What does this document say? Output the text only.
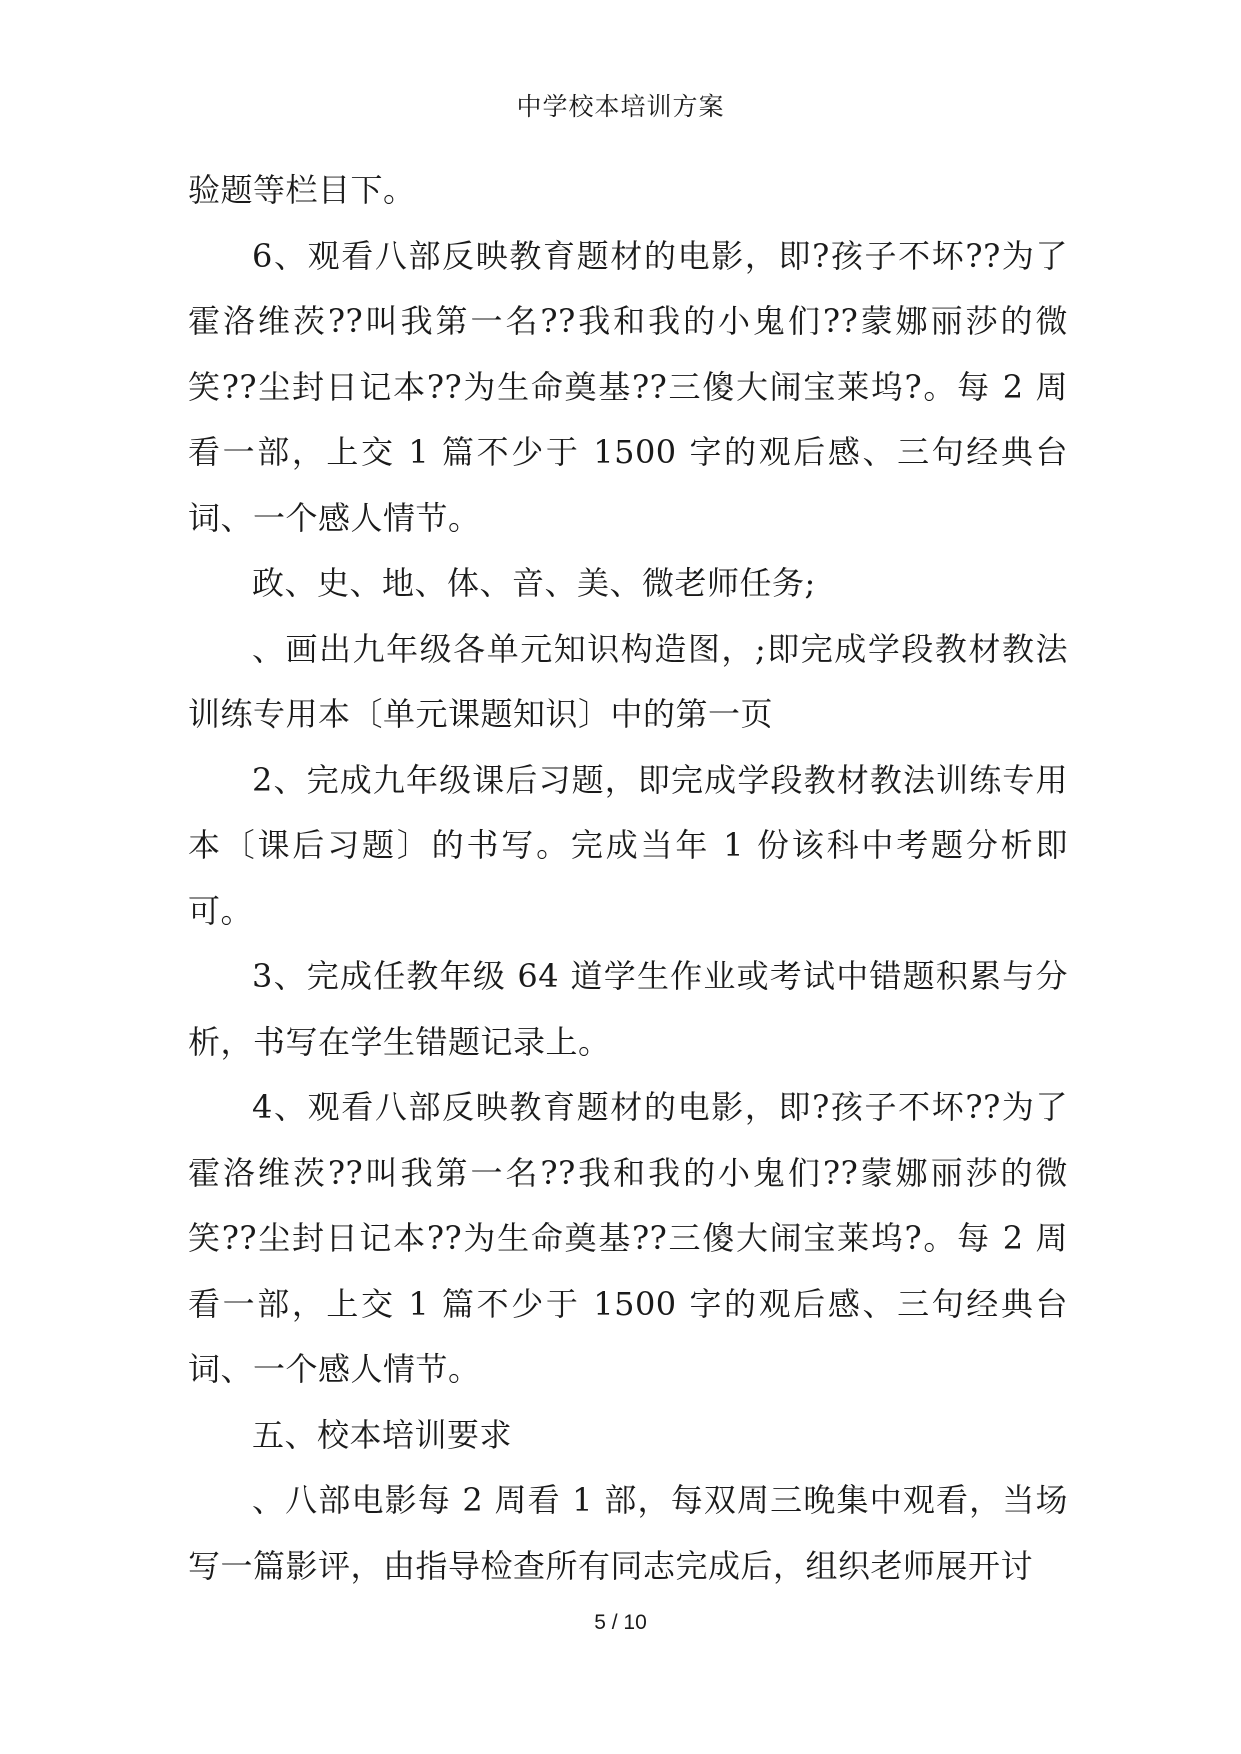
中学校本培训方案

验题等栏目下。

6、观看八部反映教育题材的电影，即?孩子不坏??为了霍洛维茨??叫我第一名??我和我的小鬼们??蒙娜丽莎的微笑??尘封日记本??为生命奠基??三傻大闹宝莱坞?。每 2 周看一部，上交 1 篇不少于 1500 字的观后感、三句经典台词、一个感人情节。

政、史、地、体、音、美、微老师任务;

、画出九年级各单元知识构造图，;即完成学段教材教法训练专用本〔单元课题知识〕中的第一页

2、完成九年级课后习题，即完成学段教材教法训练专用本〔课后习题〕的书写。完成当年 1 份该科中考题分析即可。

3、完成任教年级 64 道学生作业或考试中错题积累与分析，书写在学生错题记录上。

4、观看八部反映教育题材的电影，即?孩子不坏??为了霍洛维茨??叫我第一名??我和我的小鬼们??蒙娜丽莎的微笑??尘封日记本??为生命奠基??三傻大闹宝莱坞?。每 2 周看一部，上交 1 篇不少于 1500 字的观后感、三句经典台词、一个感人情节。

五、校本培训要求

、八部电影每 2 周看 1 部，每双周三晚集中观看，当场写一篇影评，由指导检查所有同志完成后，组织老师展开讨

5 / 10
